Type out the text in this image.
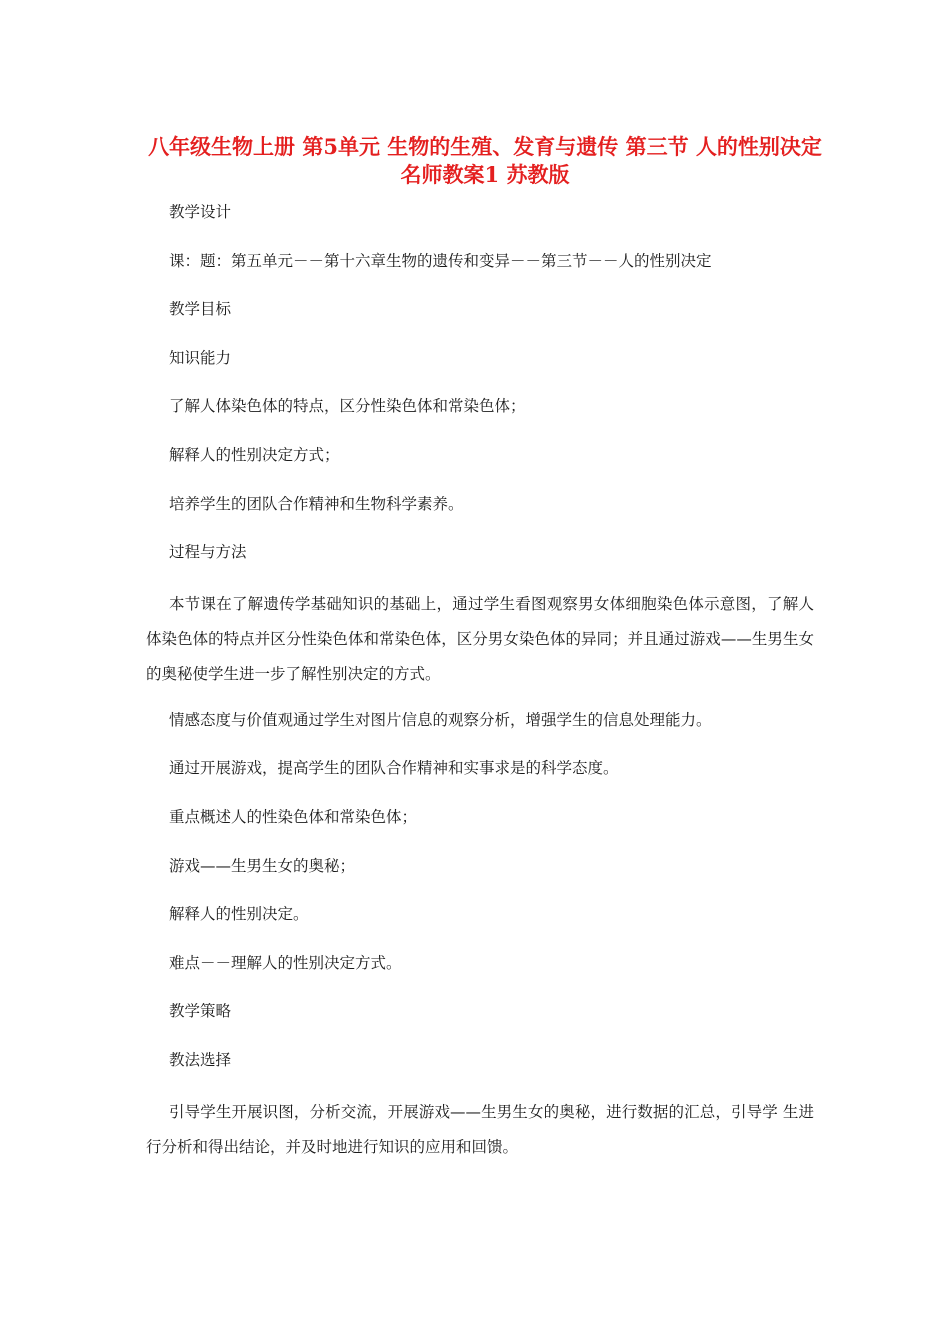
八年级生物上册 第5单元 生物的生殖、发育与遗传 第三节 人的性别决定名师教案1 苏教版

教学设计

课：题：第五单元－－第十六章生物的遗传和变异－－第三节－－人的性别决定

教学目标

知识能力

了解人体染色体的特点，区分性染色体和常染色体；

解释人的性别决定方式；

培养学生的团队合作精神和生物科学素养。

过程与方法

本节课在了解遗传学基础知识的基础上，通过学生看图观察男女体细胞染色体示意图，了解人体染色体的特点并区分性染色体和常染色体，区分男女染色体的异同；并且通过游戏——生男生女的奥秘使学生进一步了解性别决定的方式。

情感态度与价值观通过学生对图片信息的观察分析，增强学生的信息处理能力。

通过开展游戏，提高学生的团队合作精神和实事求是的科学态度。

重点概述人的性染色体和常染色体；

游戏——生男生女的奥秘；

解释人的性别决定。

难点－－理解人的性别决定方式。

教学策略

教法选择

引导学生开展识图，分析交流，开展游戏——生男生女的奥秘，进行数据的汇总，引导学 生进行分析和得出结论，并及时地进行知识的应用和回馈。
